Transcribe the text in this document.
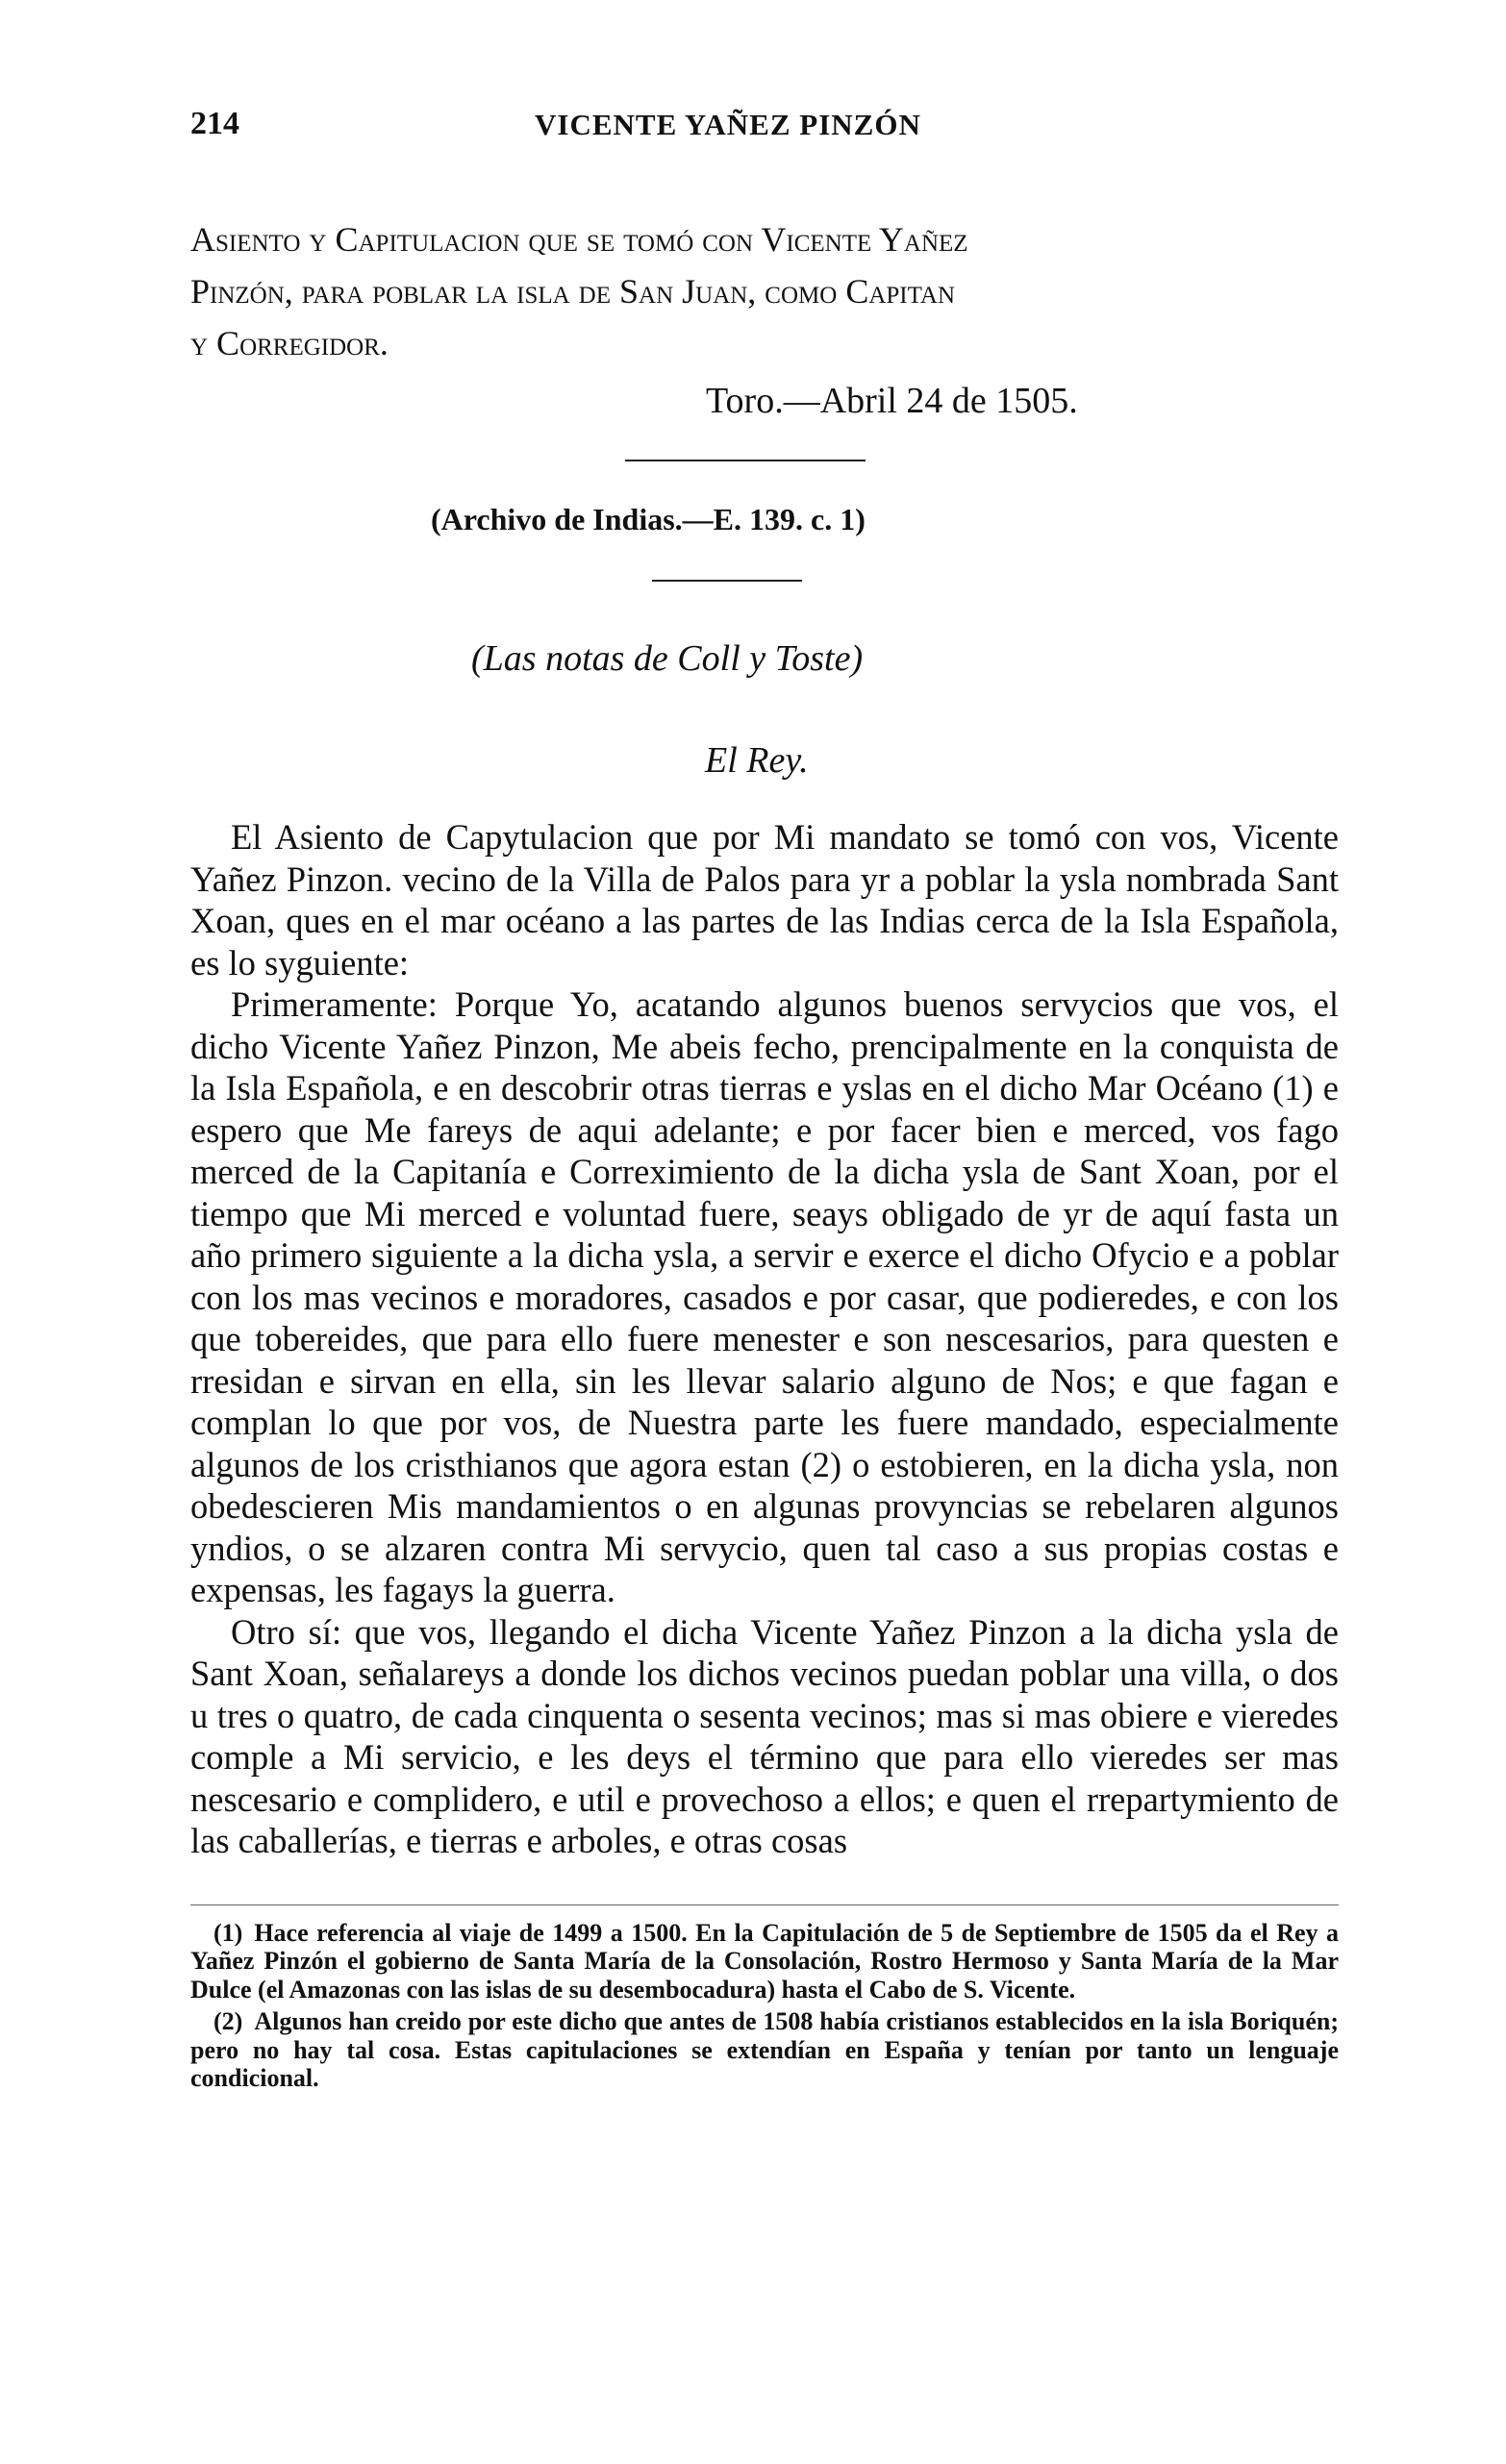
214	VICENTE YAÑEZ PINZÓN
Asiento y Capitulacion que se tomó con Vicente Yañez
Pinzón, para poblar la isla de San Juan, como Capitan
y Corregidor.
Toro.—Abril 24 de 1505.
(Archivo de Indias.—E. 139. c. 1)
(Las notas de Coll y Toste)
El Rey.

El Asiento de Capytulacion que por Mi mandato se tomó con vos, Vicente Yañez Pinzon. vecino de la Villa de Palos para yr a poblar la ysla nombrada Sant Xoan, ques en el mar océano a las partes de las Indias cerca de la Isla Española, es lo syguiente:

Primeramente: Porque Yo, acatando algunos buenos servycios que vos, el dicho Vicente Yañez Pinzon, Me abeis fecho, prencipalmente en la conquista de la Isla Española, e en descobrir otras tierras e yslas en el dicho Mar Océano (1) e espero que Me fareys de aqui adelante; e por facer bien e merced, vos fago merced de la Capitanía e Correximiento de la dicha ysla de Sant Xoan, por el tiempo que Mi merced e voluntad fuere, seays obligado de yr de aquí fasta un año primero siguiente a la dicha ysla, a servir e exerce el dicho Ofycio e a poblar con los mas vecinos e moradores, casados e por casar, que podieredes, e con los que tobereides, que para ello fuere menester e son nescesarios, para questen e rresidan e sirvan en ella, sin les llevar salario alguno de Nos; e que fagan e complan lo que por vos, de Nuestra parte les fuere mandado, especialmente algunos de los cristhianos que agora estan (2) o estobieren, en la dicha ysla, non obedescieren Mis mandamientos o en algunas provyncias se rebelaren algunos yndios, o se alzaren contra Mi servycio, quen tal caso a sus propias costas e expensas, les fagays la guerra.

Otro sí: que vos, llegando el dicha Vicente Yañez Pinzon a la dicha ysla de Sant Xoan, señalareys a donde los dichos vecinos puedan poblar una villa, o dos u tres o quatro, de cada cinquenta o sesenta vecinos; mas si mas obiere e vieredes comple a Mi servicio, e les deys el término que para ello vieredes ser mas nescesario e complidero, e util e provechoso a ellos; e quen el rrepartymiento de las caballerías, e tierras e arboles, e otras cosas

(1) Hace referencia al viaje de 1499 a 1500. En la Capitulación de 5 de Septiembre de 1505 da el Rey a Yañez Pinzón el gobierno de Santa María de la Consolación, Rostro Hermoso y Santa María de la Mar Dulce (el Amazonas con las islas de su desembocadura) hasta el Cabo de S. Vicente.

(2) Algunos han creido por este dicho que antes de 1508 había cristianos establecidos en la isla Boriquén; pero no hay tal cosa. Estas capitulaciones se extendían en España y tenían por tanto un lenguaje condicional.
